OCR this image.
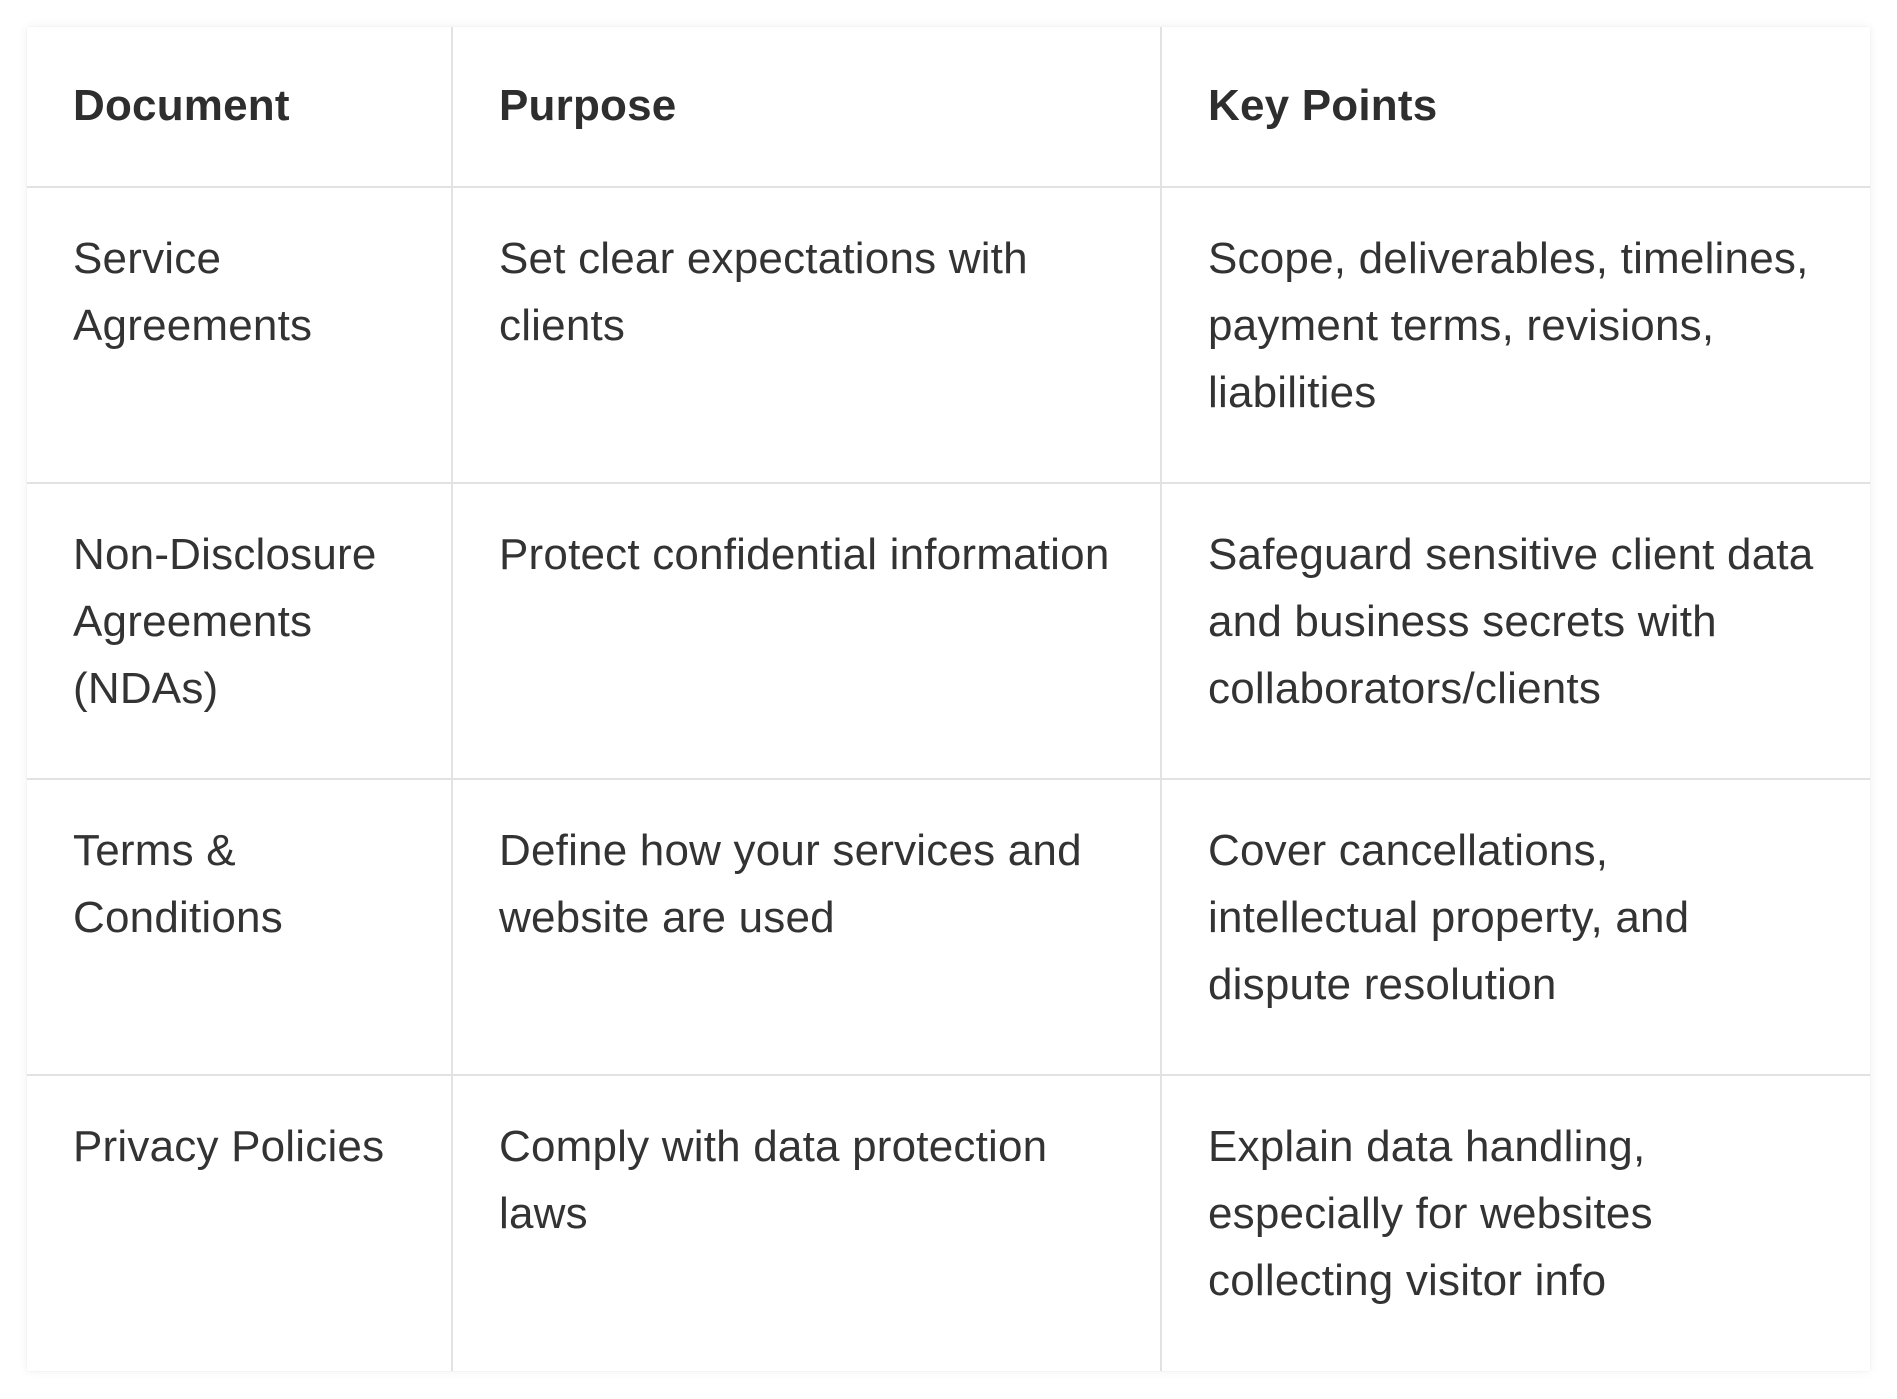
Document	Purpose	Key Points
Service Agreements	Set clear expectations with clients	Scope, deliverables, timelines, payment terms, revisions, liabilities
Non-Disclosure Agreements (NDAs)	Protect confidential information	Safeguard sensitive client data and business secrets with collaborators/clients
Terms & Conditions	Define how your services and website are used	Cover cancellations, intellectual property, and dispute resolution
Privacy Policies	Comply with data protection laws	Explain data handling, especially for websites collecting visitor info
